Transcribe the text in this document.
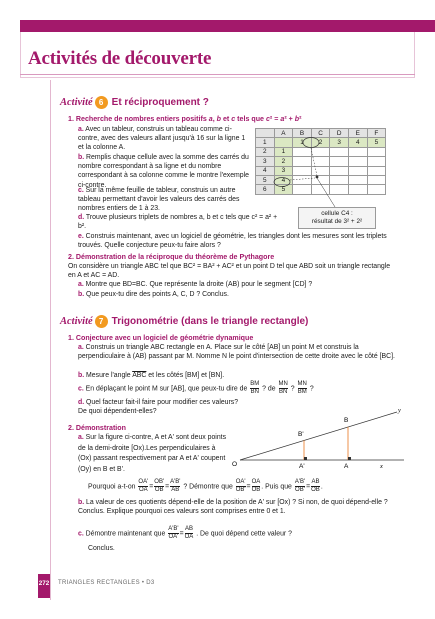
Activités de découverte
Activité 6 Et réciproquement ?
1. Recherche de nombres entiers positifs a, b et c tels que c² = a² + b²
a. Avec un tableur, construis un tableau comme ci-contre, avec des valeurs allant jusqu'à 16 sur la ligne 1 et la colonne A.
b. Remplis chaque cellule avec la somme des carrés du nombre correspondant à sa ligne et du nombre correspondant à sa colonne comme le montre l'exemple ci-contre.
c. Sur la même feuille de tableur, construis un autre tableau permettant d'avoir les valeurs des carrés des nombres entiers de 1 à 23.
d. Trouve plusieurs triplets de nombres a, b et c tels que c² = a² + b².
e. Construis maintenant, avec un logiciel de géométrie, les triangles dont les mesures sont les triplets trouvés. Quelle conjecture peux-tu faire alors ?
2. Démonstration de la réciproque du théorème de Pythagore
On considère un triangle ABC tel que BC² = BA² + AC² et un point D tel que ABD soit un triangle rectangle en A et AC = AD.
a. Montre que BD=BC. Que représente la droite (AB) pour le segment [CD] ?
b. Que peux-tu dire des points A, C, D ? Conclus.
	A	B	C	D	E	F
1		1	2	3	4	5
2	1					
3	2					
4	3					
5	4					
6	5					
cellule C4 :
résultat de 3² + 2²
Activité 7 Trigonométrie (dans le triangle rectangle)
1. Conjecture avec un logiciel de géométrie dynamique
a. Construis un triangle ABC rectangle en A. Place sur le côté [AB] un point M et construis la perpendiculaire à (AB) passant par M. Nomme N le point d'intersection de cette droite avec le côté [BC].
b. Mesure l'angle $\overline{ABC}$ et les côtés [BM] et [BN].
c. En déplaçant le point M sur [AB], que peux-tu dire de $\frac{BM}{BN}$ ? de $\frac{MN}{BN}$ ? $\frac{MN}{BM}$ ?
d. Quel facteur fait-il faire pour modifier ces valeurs? De quoi dépendent-elles?
2. Démonstration
a. Sur la figure ci-contre, A et A' sont deux points de la demi-droite [Ox).Les perpendiculaires à (Ox) passant respectivement par A et A' coupent (Oy) en B et B'.
Pourquoi $a-t-on \frac{OA'}{OA} = \frac{OB'}{OB} = \frac{A'B'}{AB}$ ? Démontre que $\frac{OA'}{OB'} = \frac{OA}{OB}$ . Puis que $\frac{A'B'}{OB'} = \frac{AB}{OB}$ .
b. La valeur de ces quotients dépend-elle de la position de A' sur [Ox) ? Si non, de quoi dépend-elle ? Conclus. Explique pourquoi ces valeurs sont comprises entre 0 et 1.
c. Démontre maintenant que $\frac{A'B'}{OA'} = \frac{AB}{OA}$ . De quoi dépend cette valeur ?
Conclus.
O	A'	A
B'
B
x
y
272 TRIANGLES RECTANGLES • D3
